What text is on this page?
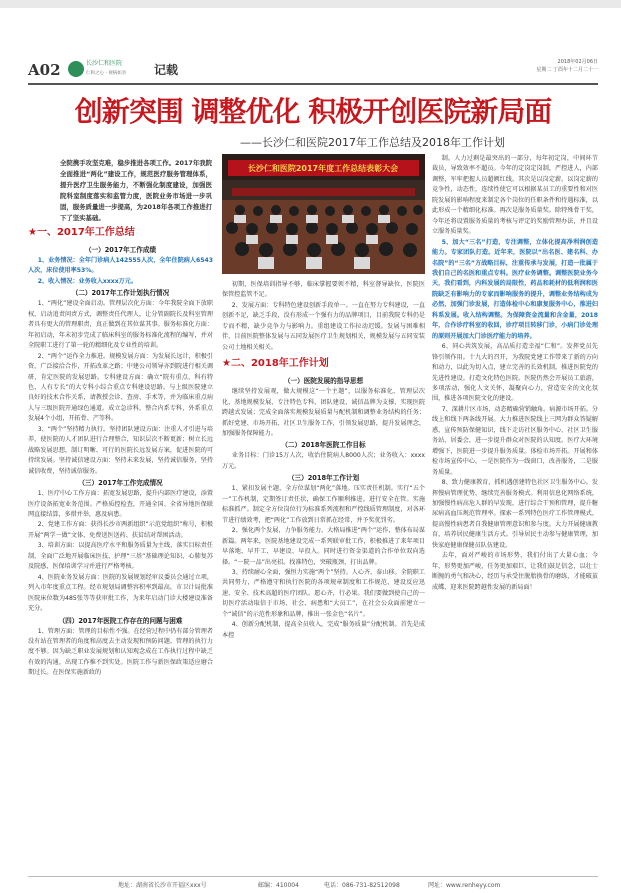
A02	长沙仁和医院
仁和之心 · 视病如亲 记载
2018年02月06日
星期二 丁酉年十二月二十一
创新突围 调整优化 积极开创医院新局面
——长沙仁和医院2017年工作总结及2018年工作计划
全院携手攻坚克难，稳步推进各项工作。2017年我院全面推进“两化”建设工作，规范医疗服务管理体系，提升医疗卫生服务能力，不断强化制度建设，加强医院科室制度落实和监管力度，医院业务市场进一步巩固，服务质量进一步提高，为2018年各项工作推进打下了坚实基础。
长沙仁和医院2017年度工作总结表彰大会

★一、2017年工作总结

（一）2017年工作成绩

1、业务情况：全年门诊病人142555人次，全年住院病人6543人次，床位使用率53%。

2、收入情况：业务收入xxxx万元。

（二）2017年工作计划执行情况

1、“两化”建设全面启动。管理层次化方面：今年我院全面下放职权，启动追责问责方式，调整责任代理人，让分管副院长及科室管理者具有更大的管理职责，真正做到在其位谋其事。服务标准化方面：年初启动，年末初步完成了临床科室的服务标准化流程的编写，并对全院职工进行了第一轮的精细化及专业性的培训。

2、“两个”运作全力推进。规模发展方面：为发展长远计，积极引资，广泛接洽合作，开拓改革之路；中建公司领导亦到院进行相关调研，肯定医院的发展思路。专科建设方面：确立“院有重点，科有特色，人有专长”的大专科小综合重点专科建设思路。与上级医院建立良好的技术合作关系，请教授会诊、查房、手术等，并为临床重点病人与三级医院开通绿色通道。成立急诊科，整合内系专科，外系重点发展4个小组，开拓骨、产等科。

3、“两个”坚持精力执行。坚持团队建设方面：注重人才引进与培养，使医院的人才团队进行合理整合，知识层次不断更新；树立长远战略发展思想，制订明晰、可行的医院长远发展方案，促进医院的可持续发展。坚持诚信建设方面：坚持未来发展，坚持诚信服务，坚持诚信收费，坚持诚信服务。

（三）2017年工作完成情况

1、医疗中心工作方面：拓宽发展思路，提升内部医疗建设，添置医疗设备拓宽业务范围。严格质控检查，开通全国、全省异地医保联网直接结算，多措并举，惠及病患。

2、党建工作方面：获得长沙市两新组织“示范党组织”称号，积极开展“两学一做”文体、免费送医送药、扶贫结对帮困活动。

3、培训方面：以提高医疗水平和服务质量为主线，落实目标责任制，全面广泛地开展临床医技、护理“三基”基础理论知识、心肺复苏及院感、医保培训学习并进行严格考核。

4、医院业务发展方面：医院的发展规划经审议委员会通过立项，列入市年度重点工程。经市规划局调整容积率到最高，市卫计局批准医院床位数为485张等等获审批工作，为来年启动门诊大楼建设准备充分。

（四）2017年医院工作存在的问题与困难

1、管理方面：管理的目标性不强。在经营过程中仍有部分管理者没有站在管理者的角度和高度去主动发现和预防问题。管理的执行力度不够。因为缺乏职业发展规划和认知观念成在工作执行过程中缺乏有效的沟通，出现工作推不到实处。医院工作与新医保政策适应磨合期过长。在医保实施新政的

初期，医保培训指导不够，临床掌握要领不精，科室督导缺位，医院医保管控监管不足。

2、发展方面：专科特色建设创新手段单一。一直在努力专科建设，一直创新不足，缺乏手段，没有形成一个强有力的品牌项目，目前我院专科仍是专而不精，缺少竞争力与影响力。重组建设工作拉动迟缓。发展与困难相伴，目前医院整体发展与五同发展医疗卫生规划相关，规模发展与五同安装公司土地相关相关。

★二、2018年工作计划

（一）医院发展的指导思想

继续坚持发展观，做大规模这“一个主题”，以服务标准化、管理层次化、基地规模发展、专注特色专科、团队建设、诚信品牌为支撑，实现医院跨越式发展；完成全面落实规模发展质量与配机制和调整业务结构的任务；抓好党建、市场开拓、社区卫生服务工作，引领发展思路，提升发展理念，加强服务保障能力。

（二）2018年医院工作目标

业务目标：门诊15万人次，收治住院病人8000人次；业务收入：xxxx万元。

（三）2018年工作计划

1、紧扣发展主题，全方位谋划“两化”落地。压实责任机制。实行“五个一”工作机制，定期签订责任状，确保工作顺利推进。进行安全在管。实施标准抓严。制定全方位岗位行为标准系列流程和严控线质管理制度，对各环节进行绩效考，把“两化”工作放到日常抓在经常，并予奖优罚劣。

2、强化两个发展，力争服务能力、大格局推进“两个”运作，整体布局谋新篇。两年来，医院基地建设完成一系列联审批工作，积极推进了来年项目早落地、早开工、早建设、早投入。同时进行资金渠道的合作单位双向选择。“一院一品”出亮招。找准特色，突破瓶颈，打出品牌。

3、持续耐心全面，强恒力实施“两个”坚持。人心齐，泰山移。全院职工共同努力，严格遵守和执行医院的各项规章制度和工作规范，建设反应迅速、安全、技术高超的医疗团队。愿心齐，行必果。我们要做到使自己的一切医疗活动取信于市场、社会、病患和“大员工”，在社会公众面前建立一个“诚信”的示范性形象和品牌，推出一张金色“名片”。

4、创新分配机制，提高全员收入，完成“服务质量”分配机制。首先是成本控

制。人力过剩是最突出的一部分，每年初定岗，中间环节裁员，导致效率不超员。今年的定岗定岗制，严控进人，内部调整，军牢把握人员超额红线。其次是以岗定薪。以岗定薪的竞争性，动态性，连续性使它可以根据某员工的重要性和对医院发展的影响程度来制定各个岗位的任职条件和待遇标准，以此形成一个精细化标准。再次是服务质量奖。除特殊骨干奖，今年还将设置服务质量的考核与评定的奖励管理办法，并且设立服务质量奖。

5、加大“三名”打造，专注调整，立体化提高净利润创造能力。专家团队打造。近年来，医院以“出名医、建名科、办名院”的“三名”方战略目标，注重传承与发展，打造一批属于我们自己的名医和重点专科。医疗业务调整。调整医院业务今天，我们看到，内科发展的局限性，药品和耗材的低利润和医院缺乏有影响力的专家而影响服务的提升，调整业务结构成为必然，加强门诊发展，打造体检中心和康复服务中心，推进妇科系发展。收入结构调整。为保障资金流量和含金量，2018年，合作诊疗科室的收回，诊疗项目转移门诊，小病门诊处理的原则开展加大门诊医疗能力的培养。

6、同心共筑发展，高品质打造幸福“仁和”。发挥党员先锋引领作用。十九大的召开，为我院党建工作带来了新的方向和动力，以此为切入点，建立完善的长效机制，推进医院党的先进性建设。打造文化特色医院。医院仍然会开展员工旅游，多项活动，强化人文关怀，凝聚向心力，营造安全的文化氛围，推进各项医院文化的建设。

7、深耕片区市场，动态精确营销触角。病源市场开拓。分线上和线下两条线开展。大力推进医院线上三网为群众答疑解惑，宣传预防保健知识，线下走访社区服务中心、社区卫生服务站、居委会，进一步提升群众对医院的认知度。医疗大环境增强下，医院进一步提升服务质量。体检市场开拓。开展和体检市场宣传中心，一是医院作为一线窗口，改善服务，二是服务质量。

8、致力健康教育，抓机遇创建特色社区卫生服务中心。发挥慢病管理优势，继续完善服务模式。利用信息化网络系统，加强慢性病高危人群的早发现，进行综合干预和管理，提升糖尿病高血压规范管理率。探索一系列特色医疗工作管理模式，提高慢性病患者自我健康管理意识和参与度。大力开展健康教育，培养居民健康生活方式。引导居民主动参与健康管理，加快家庭健康保健员队伍建设。

去年，面对严峻的市场形势，我们付出了大量心血；今年，形势更加严峻，任务更加艰巨，让我们鼓足信念，以壮士断腕的勇气和决心，经历与承受住脱胎换骨的磨练，才能破茧成蝶，迎来医院跨越性发展的新局面！

地址：湖南省长沙市开福区xxx号	邮编：410004	电话：086-731-82512098	网址：www.renheyy.com
